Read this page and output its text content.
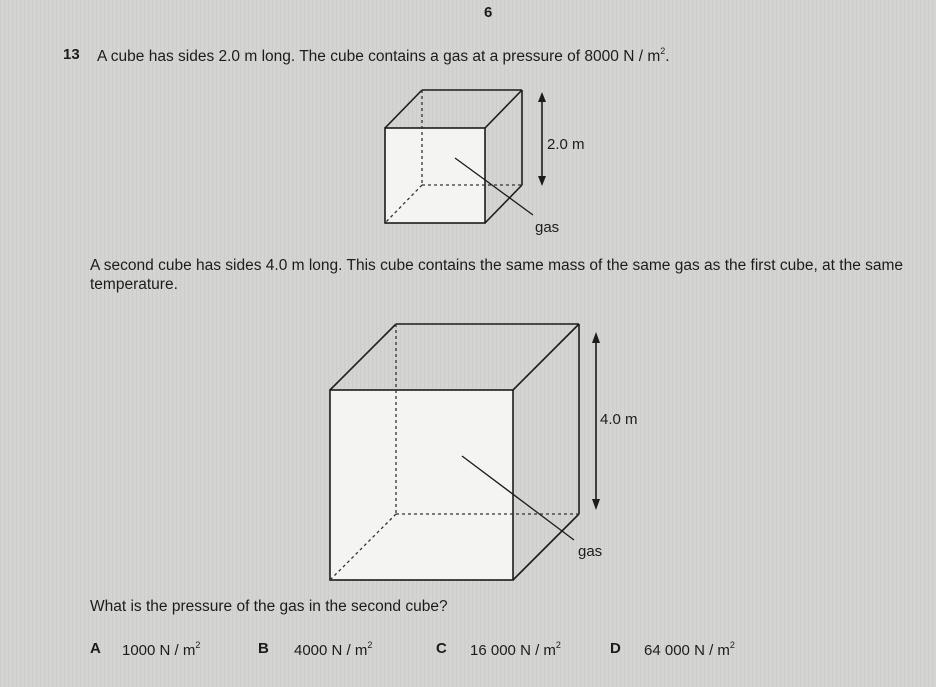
6
13 A cube has sides 2.0 m long. The cube contains a gas at a pressure of 8000 N / $m^2$.
2.0 m
gas
A second cube has sides 4.0 m long. This cube contains the same mass of the same gas as the first cube, at the same temperature.
4.0 m
gas
What is the pressure of the gas in the second cube?
A 1000 N / $m^2$	B 4000 N / $m^2$	C 16 000 N / $m^2$	D 64 000 N / $m^2$
